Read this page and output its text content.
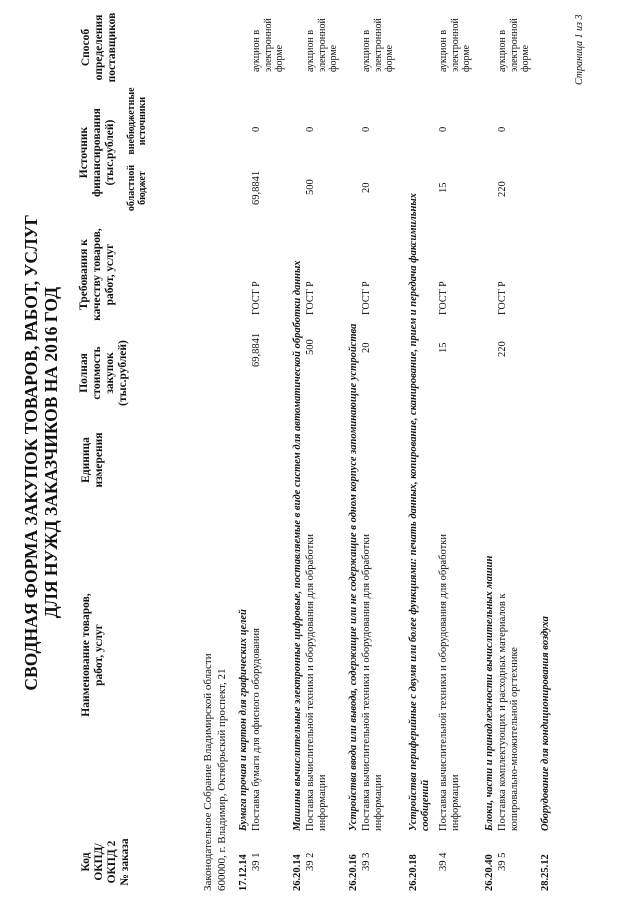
СВОДНАЯ ФОРМА ЗАКУПОК ТОВАРОВ, РАБОТ, УСЛУГ ДЛЯ НУЖД ЗАКАЗЧИКОВ НА 2016 ГОД
Код ОКПД/ ОКПД 2 № заказа
Наименование товаров, работ, услуг
Единица измерения
Полная стоимость закупок (тыс.рублей)
Требования к качеству товаров, работ, услуг
Источник финансирования (тыс.рублей)
областной бюджет
внебюджетные источники
Способ определения поставщиков
Законодательное Собрание Владимирской области 600000, г. Владимир, Октябрьский проспект, 21 17.12.14
Бумага прочая и картон для графических целей
39 1
Поставка бумаги для офисного оборудования
69,8841
ГОСТ Р
69,8841
0
аукцион в электронной форме
26.20.14
Машины вычислительные электронные цифровые, поставляемые в виде систем для автоматической обработки данных
39 2
Поставка вычислительной техники и оборудования для обработки информации
500
ГОСТ Р
500
0
аукцион в электронной форме
26.20.16
Устройства ввода или вывода, содержащие или не содержащие в одном корпусе запоминающие устройства
39 3
Поставка вычислительной техники и оборудования для обработки информации
20
ГОСТ Р
20
0
аукцион в электронной форме
26.20.18
Устройства периферийные с двумя или более функциями: печать данных, копирование, сканирование, прием и передача факсимильных сообщений
39 4
Поставка вычислительной техники и оборудования для обработки информации
15
ГОСТ Р
15
0
аукцион в электронной форме
26.20.40
Блоки, части и принадлежности вычислительных машин
39 5
Поставка комплектующих и расходных материалов к копировально-множительной оргтехнике
220
ГОСТ Р
220
0
аукцион в электронной форме
28.25.12
Оборудование для кондиционирования воздуха
Страница 1 из 3
